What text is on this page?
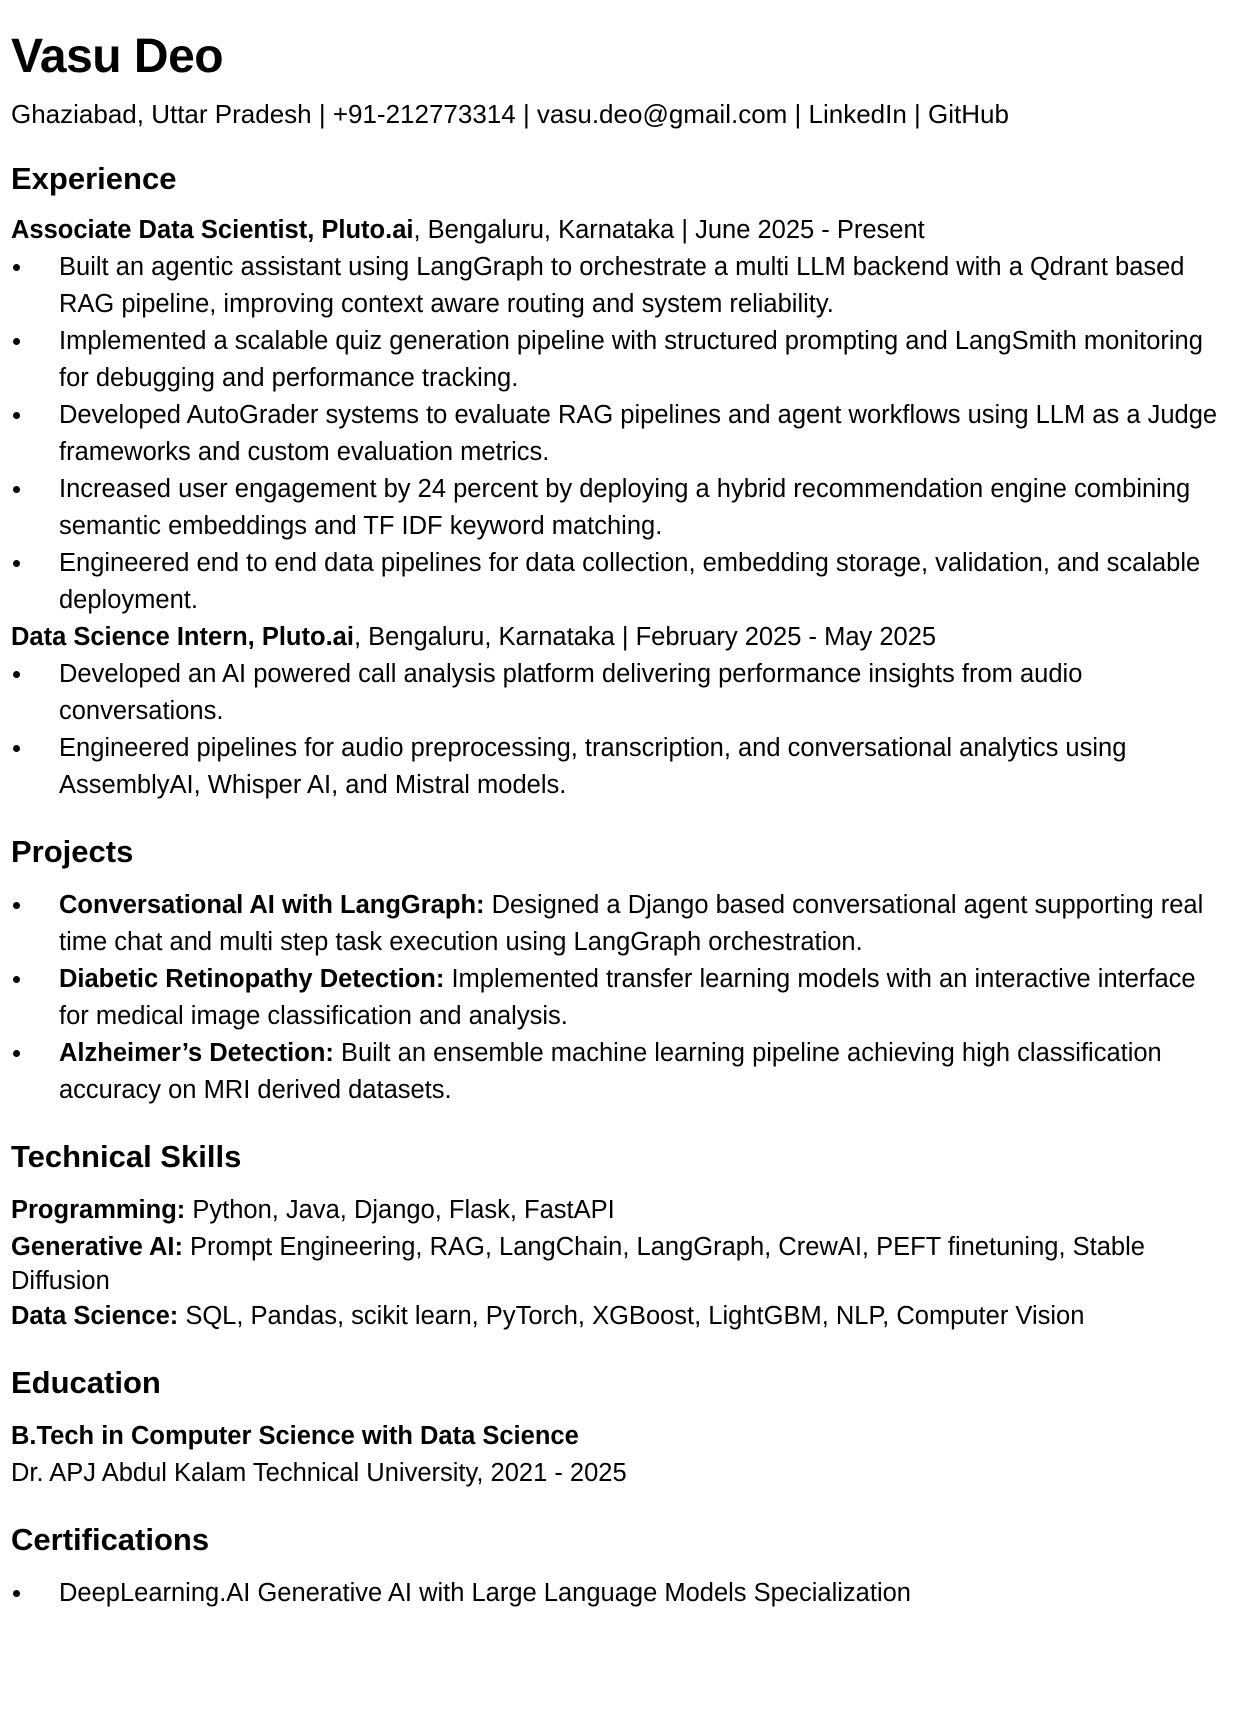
Vasu Deo
Ghaziabad, Uttar Pradesh | +91-212773314 | vasu.deo@gmail.com | LinkedIn | GitHub
Experience
Associate Data Scientist, Pluto.ai, Bengaluru, Karnataka | June 2025 - Present
Built an agentic assistant using LangGraph to orchestrate a multi LLM backend with a Qdrant based RAG pipeline, improving context aware routing and system reliability.
Implemented a scalable quiz generation pipeline with structured prompting and LangSmith monitoring for debugging and performance tracking.
Developed AutoGrader systems to evaluate RAG pipelines and agent workflows using LLM as a Judge frameworks and custom evaluation metrics.
Increased user engagement by 24 percent by deploying a hybrid recommendation engine combining semantic embeddings and TF IDF keyword matching.
Engineered end to end data pipelines for data collection, embedding storage, validation, and scalable deployment.
Data Science Intern, Pluto.ai, Bengaluru, Karnataka | February 2025 - May 2025
Developed an AI powered call analysis platform delivering performance insights from audio conversations.
Engineered pipelines for audio preprocessing, transcription, and conversational analytics using AssemblyAI, Whisper AI, and Mistral models.
Projects
Conversational AI with LangGraph: Designed a Django based conversational agent supporting real time chat and multi step task execution using LangGraph orchestration.
Diabetic Retinopathy Detection: Implemented transfer learning models with an interactive interface for medical image classification and analysis.
Alzheimer’s Detection: Built an ensemble machine learning pipeline achieving high classification accuracy on MRI derived datasets.
Technical Skills
Programming: Python, Java, Django, Flask, FastAPI
Generative AI: Prompt Engineering, RAG, LangChain, LangGraph, CrewAI, PEFT finetuning, Stable Diffusion
Data Science: SQL, Pandas, scikit learn, PyTorch, XGBoost, LightGBM, NLP, Computer Vision
Education
B.Tech in Computer Science with Data Science
Dr. APJ Abdul Kalam Technical University, 2021 - 2025
Certifications
DeepLearning.AI Generative AI with Large Language Models Specialization
